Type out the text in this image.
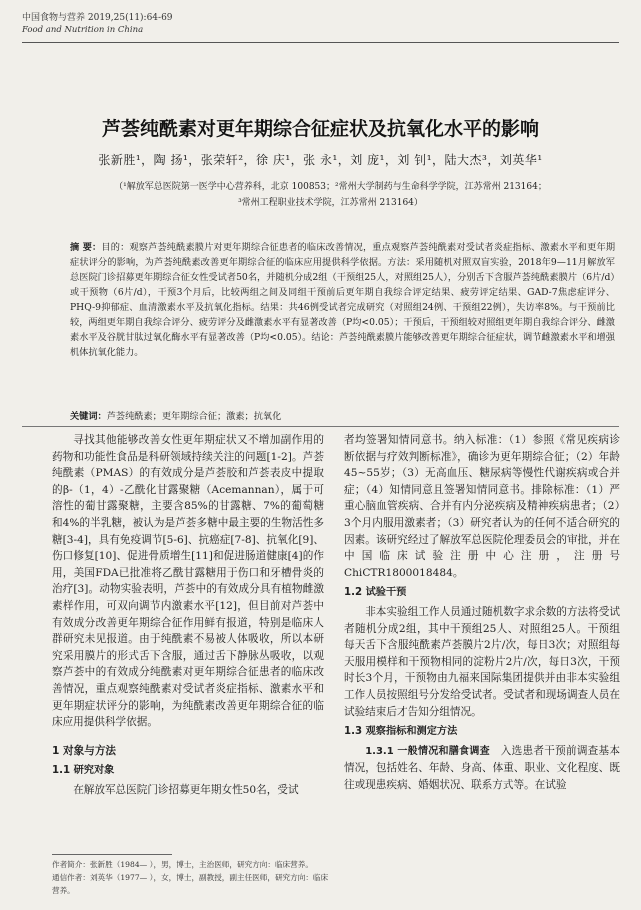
中国食物与营养 2019,25(11):64-69
Food and Nutrition in China
芦荟纯酰素对更年期综合征症状及抗氧化水平的影响
张新胜¹，陶 扬¹，张荣轩²，徐 庆¹，张 永¹，刘 庞¹，刘 钊¹，陆大杰³，刘英华¹
（¹解放军总医院第一医学中心营养科，北京 100853；²常州大学制药与生命科学学院，江苏常州 213164；
³常州工程职业技术学院，江苏常州 213164）
摘 要：目的：观察芦荟纯酰素膜片对更年期综合征患者的临床改善情况，重点观察芦荟纯酰素对受试者炎症指标、激素水平和更年期症状评分的影响，为芦荟纯酰素改善更年期综合征的临床应用提供科学依据。方法：采用随机对照双盲实验，2018年9—11月解放军总医院门诊招募更年期综合征女性受试者50名，并随机分成2组（干预组25人，对照组25人），分别舌下含服芦荟纯酰素膜片（6片/d）或干预物（6片/d），干预3个月后，比较两组之间及同组干预前后更年期自我综合评定结果、疲劳评定结果、GAD-7焦虑症评分、PHQ-9抑郁症、血清激素水平及抗氧化指标。结果：共46例受试者完成研究（对照组24例、干预组22例），失访率8%。与干预前比较，两组更年期自我综合评分、疲劳评分及雌激素水平有显著改善（P均<0.05）；干预后，干预组较对照组更年期自我综合评分、雌激素水平及谷胱甘肽过氧化酶水平有显著改善（P均<0.05）。结论：芦荟纯酰素膜片能够改善更年期综合征症状，调节雌激素水平和增强机体抗氧化能力。
关键词：芦荟纯酰素；更年期综合征；激素；抗氧化

寻找其他能够改善女性更年期症状又不增加副作用的药物和功能性食品是科研领域持续关注的问题[1-2]。芦荟纯酰素（PMAS）的有效成分是芦荟胶和芦荟表皮中提取的β-（1，4）-乙酰化甘露聚糖（Acemannan），属于可溶性的葡甘露聚糖，主要含85%的甘露糖、7%的葡萄糖和4%的半乳糖，被认为是芦荟多糖中最主要的生物活性多糖[3-4]，具有免疫调节[5-6]、抗癌症[7-8]、抗氧化[9]、伤口修复[10]、促进骨质增生[11]和促进肠道健康[4]的作用，美国FDA已批准将乙酰甘露糖用于伤口和牙槽骨炎的治疗[3]。动物实验表明，芦荟中的有效成分具有植物雌激素样作用，可双向调节内激素水平[12]，但目前对芦荟中有效成分改善更年期综合征作用鲜有报道，特别是临床人群研究未见报道。由于纯酰素不易被人体吸收，所以本研究采用膜片的形式舌下含服，通过舌下静脉丛吸收，以观察芦荟中的有效成分纯酰素对更年期综合征患者的临床改善情况，重点观察纯酰素对受试者炎症指标、激素水平和更年期症状评分的影响，为纯酰素改善更年期综合征的临床应用提供科学依据。

1 对象与方法
1.1 研究对象

在解放军总医院门诊招募更年期女性50名，受试

者均签署知情同意书。纳入标准：（1）参照《常见疾病诊断依据与疗效判断标准》，确诊为更年期综合征；（2）年龄45~55岁；（3）无高血压、糖尿病等慢性代谢疾病或合并症；（4）知情同意且签署知情同意书。排除标准：（1）严重心脑血管疾病、合并有内分泌疾病及精神疾病患者；（2）3个月内服用激素者；（3）研究者认为的任何不适合研究的因素。该研究经过了解放军总医院伦理委员会的审批，并在中国临床试验注册中心注册，注册号ChiCTR1800018484。

1.2 试验干预

非本实验组工作人员通过随机数字求余数的方法将受试者随机分成2组，其中干预组25人、对照组25人。干预组每天舌下含服纯酰素芦荟膜片2片/次，每日3次；对照组每天服用模样和干预物相同的淀粉片2片/次，每日3次，干预时长3个月，干预物由九福来国际集团提供并由非本实验组工作人员按照组号分发给受试者。受试者和现场调查人员在试验结束后才告知分组情况。

1.3 观察指标和测定方法

1.3.1 一般情况和膳食调查　 入选患者干预前调查基本情况，包括姓名、年龄、身高、体重、职业、文化程度、既往或现患疾病、婚姻状况、联系方式等。在试验

作者简介：张新胜（1984— ），男，博士，主治医师，研究方向：临床营养。
通信作者：刘英华（1977— ），女，博士，副教授，副主任医师，研究方向：临床营养。
